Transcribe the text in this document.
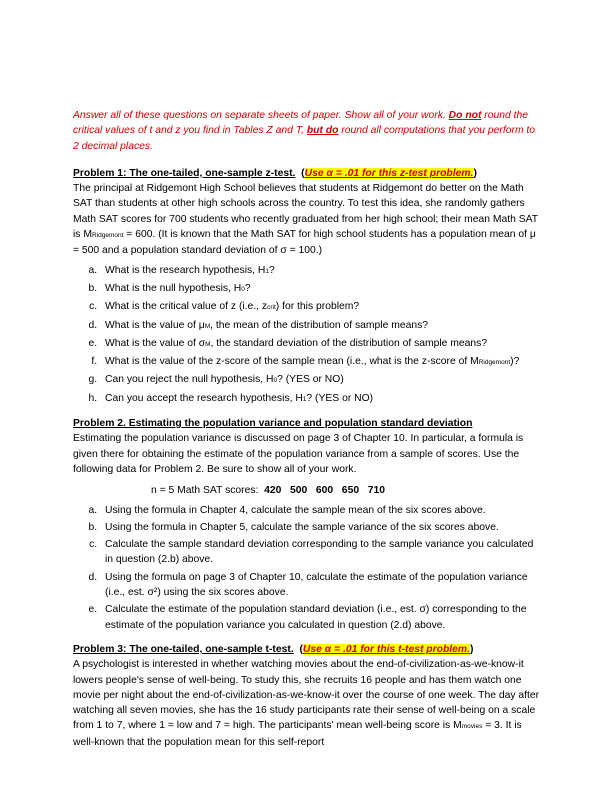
Answer all of these questions on separate sheets of paper. Show all of your work. Do not round the critical values of t and z you find in Tables Z and T, but do round all computations that you perform to 2 decimal places.

Problem 1: The one-tailed, one-sample z-test.  (Use α = .01 for this z-test problem.)

The principal at Ridgemont High School believes that students at Ridgemont do better on the Math SAT than students at other high schools across the country. To test this idea, she randomly gathers Math SAT scores for 700 students who recently graduated from her high school; their mean Math SAT is MRidgemont = 600. (It is known that the Math SAT for high school students has a population mean of μ = 500 and a population standard deviation of σ = 100.)

a. What is the research hypothesis, H1?
b. What is the null hypothesis, H0?
c. What is the critical value of z (i.e., zcrit) for this problem?
d. What is the value of μM, the mean of the distribution of sample means?
e. What is the value of σM, the standard deviation of the distribution of sample means?
f. What is the value of the z-score of the sample mean (i.e., what is the z-score of MRidgemont)?
g. Can you reject the null hypothesis, H0? (YES or NO)
h. Can you accept the research hypothesis, H1? (YES or NO)

Problem 2. Estimating the population variance and population standard deviation

Estimating the population variance is discussed on page 3 of Chapter 10. In particular, a formula is given there for obtaining the estimate of the population variance from a sample of scores. Use the following data for Problem 2. Be sure to show all of your work.

n = 5 Math SAT scores: 420   500   600   650   710

a. Using the formula in Chapter 4, calculate the sample mean of the six scores above.
b. Using the formula in Chapter 5, calculate the sample variance of the six scores above.
c. Calculate the sample standard deviation corresponding to the sample variance you calculated in question (2.b) above.
d. Using the formula on page 3 of Chapter 10, calculate the estimate of the population variance (i.e., est. σ²) using the six scores above.
e. Calculate the estimate of the population standard deviation (i.e., est. σ) corresponding to the estimate of the population variance you calculated in question (2.d) above.

Problem 3: The one-tailed, one-sample t-test.  (Use α = .01 for this t-test problem.)

A psychologist is interested in whether watching movies about the end-of-civilization-as-we-know-it lowers people's sense of well-being. To study this, she recruits 16 people and has them watch one movie per night about the end-of-civilization-as-we-know-it over the course of one week. The day after watching all seven movies, she has the 16 study participants rate their sense of well-being on a scale from 1 to 7, where 1 = low and 7 = high. The participants' mean well-being score is Mmovies = 3. It is well-known that the population mean for this self-report
